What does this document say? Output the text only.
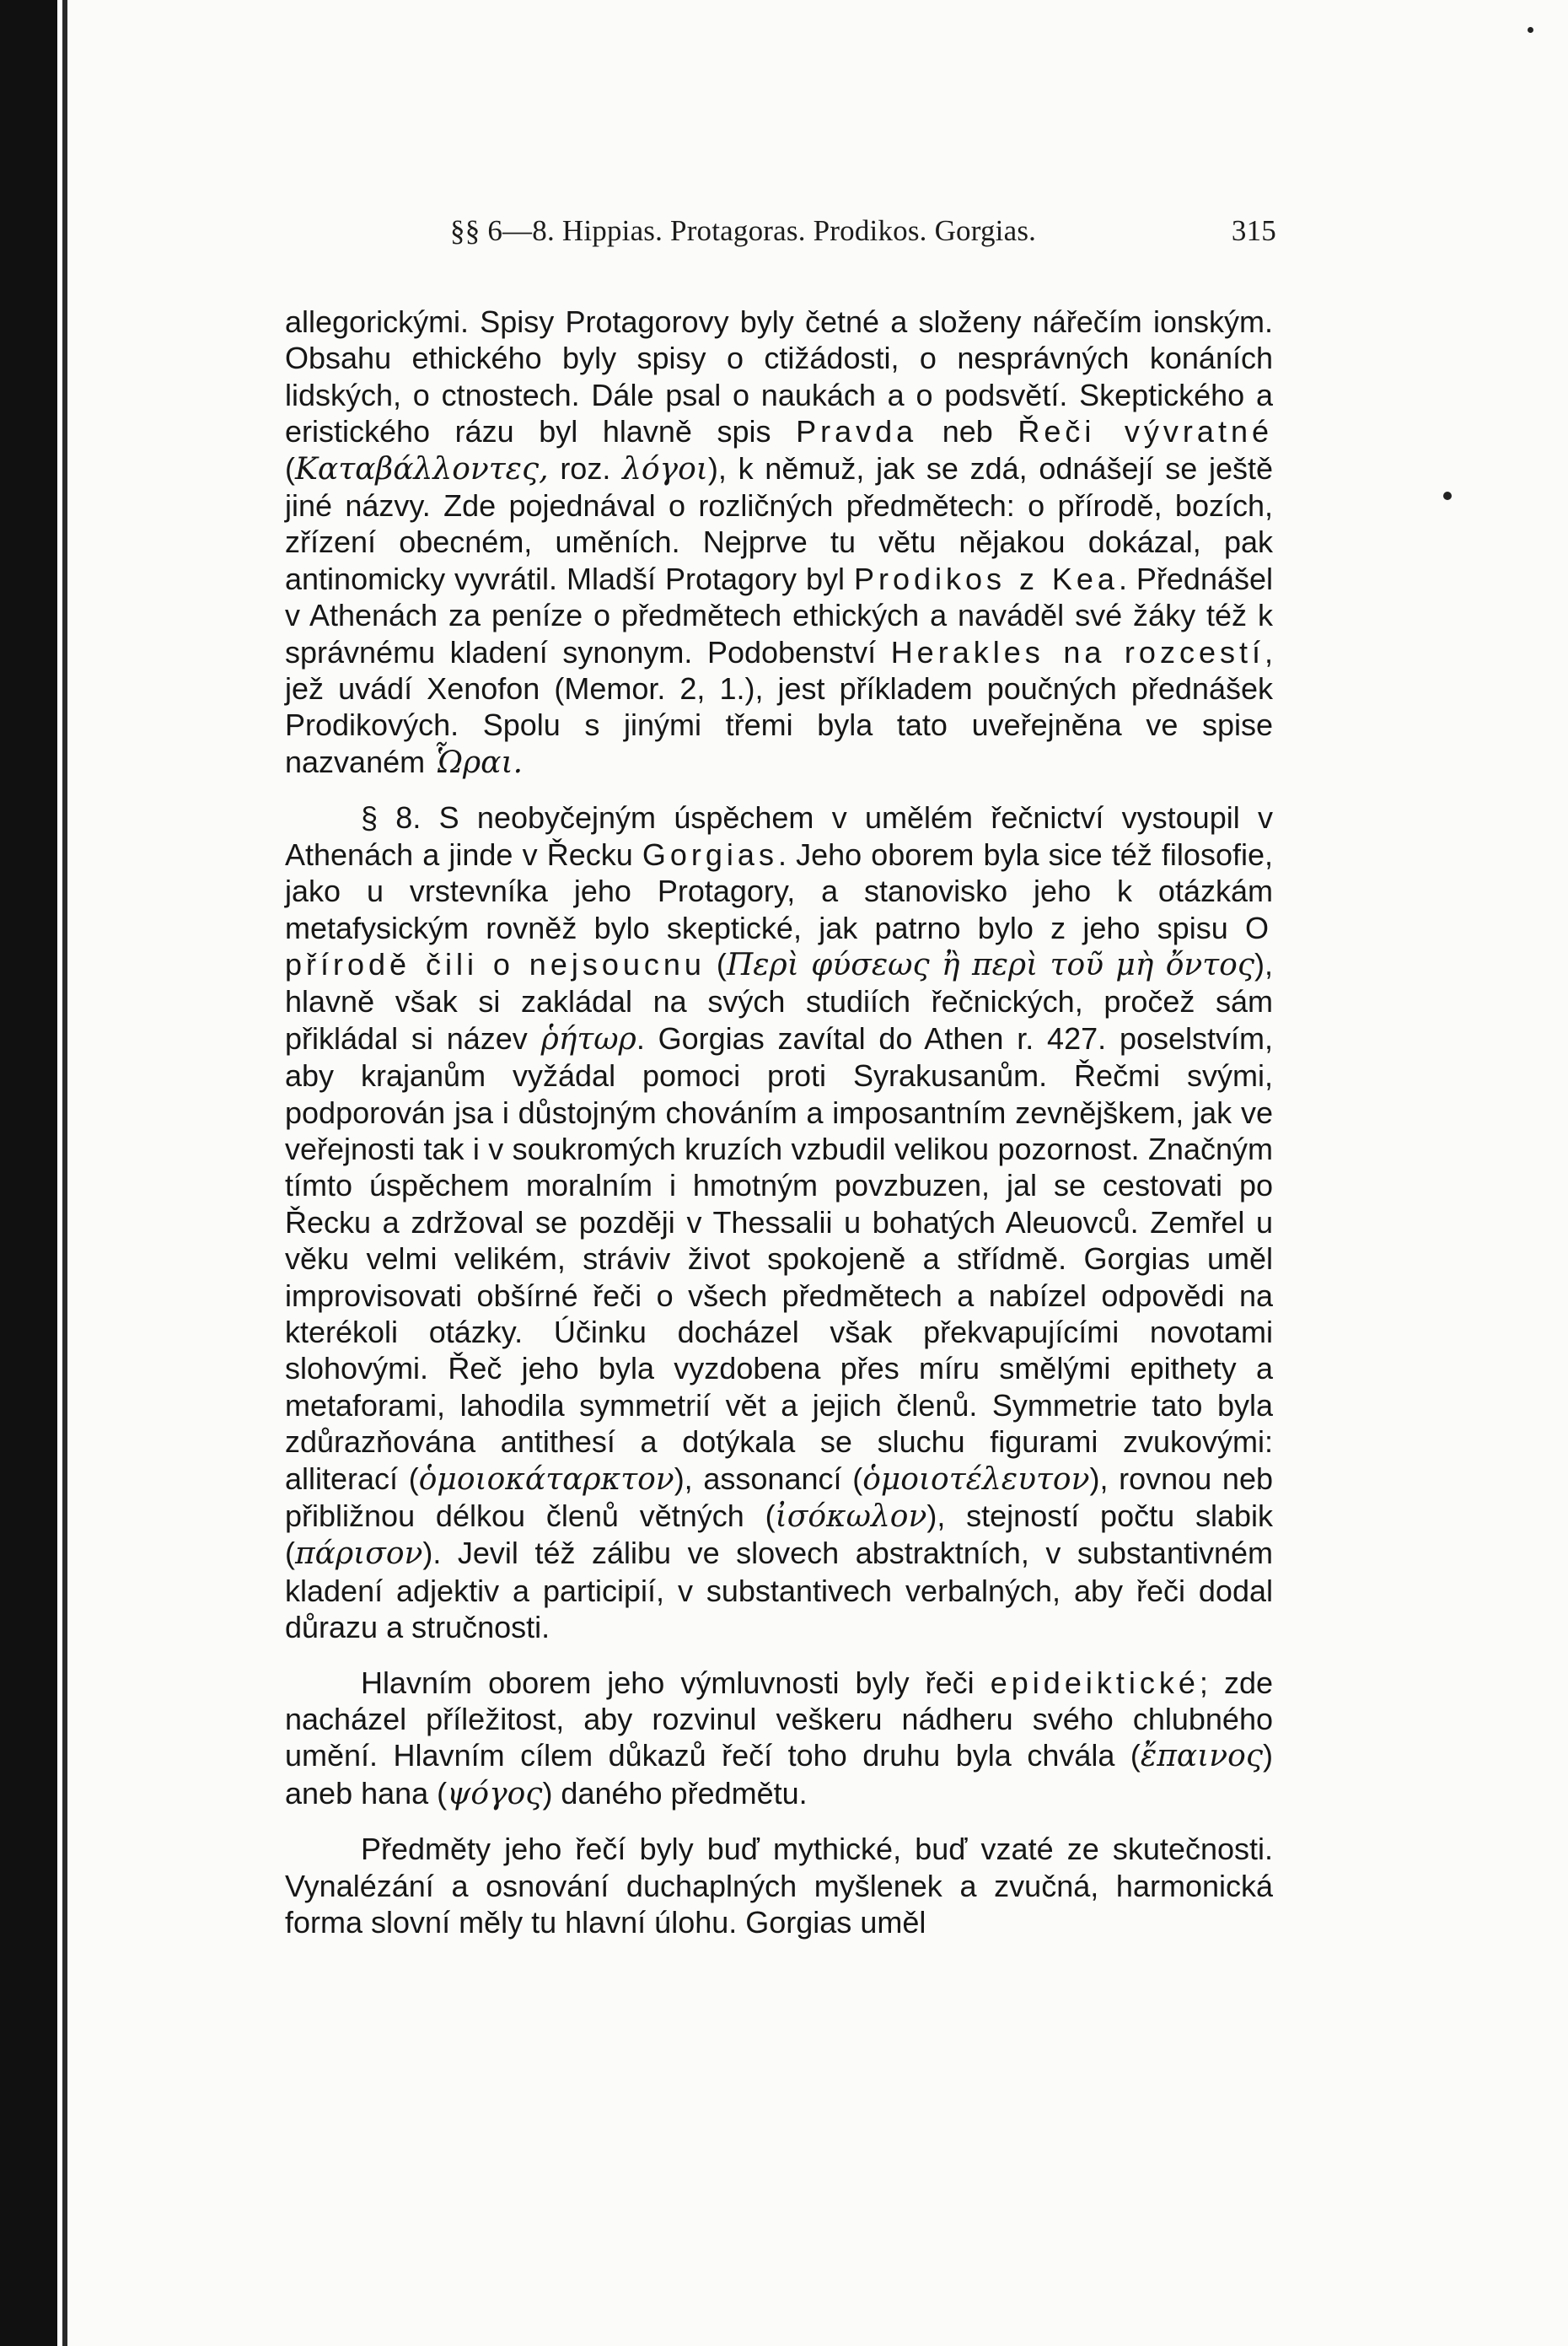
§§ 6—8. Hippias. Protagoras. Prodikos. Gorgias.	315

allegorickými. Spisy Protagorovy byly četné a složeny nářečím ionským. Obsahu ethického byly spisy o ctižádosti, o nesprávných konáních lidských, o ctnostech. Dále psal o naukách a o podsvětí. Skeptického a eristického rázu byl hlavně spis Pravda neb Řeči vývratné (Καταβάλλοντες, roz. λόγοι), k němuž, jak se zdá, odnášejí se ještě jiné názvy. Zde pojednával o rozličných předmětech: o přírodě, bozích, zřízení obecném, uměních. Nejprve tu větu nějakou dokázal, pak antinomicky vyvrátil. Mladší Protagory byl Prodikos z Kea. Přednášel v Athenách za peníze o předmětech ethických a naváděl své žáky též k správnému kladení synonym. Podobenství Herakles na rozcestí, jež uvádí Xenofon (Memor. 2, 1.), jest příkladem poučných přednášek Prodikových. Spolu s jinými třemi byla tato uveřejněna ve spise nazvaném Ὧραι.

§ 8. S neobyčejným úspěchem v umělém řečnictví vystoupil v Athenách a jinde v Řecku Gorgias. Jeho oborem byla sice též filosofie, jako u vrstevníka jeho Protagory, a stanovisko jeho k otázkám metafysickým rovněž bylo skeptické, jak patrno bylo z jeho spisu O přírodě čili o nejsoucnu (Περὶ φύσεως ἢ περὶ τοῦ μὴ ὄντος), hlavně však si zakládal na svých studiích řečnických, pročež sám přikládal si název ῥήτωρ. Gorgias zavítal do Athen r. 427. poselstvím, aby krajanům vyžádal pomoci proti Syrakusanům. Řečmi svými, podporován jsa i důstojným chováním a imposantním zevnějškem, jak ve veřejnosti tak i v soukromých kruzích vzbudil velikou pozornost. Značným tímto úspěchem moralním i hmotným povzbuzen, jal se cestovati po Řecku a zdržoval se později v Thessalii u bohatých Aleuovců. Zemřel u věku velmi velikém, stráviv život spokojeně a střídmě. Gorgias uměl improvisovati obšírné řeči o všech předmětech a nabízel odpovědi na kterékoli otázky. Účinku docházel však překvapujícími novotami slohovými. Řeč jeho byla vyzdobena přes míru smělými epithety a metaforami, lahodila symmetrií vět a jejich členů. Symmetrie tato byla zdůrazňována antithesí a dotýkala se sluchu figurami zvukovými: alliterací (ὁμοιοκάταρκτον), assonancí (ὁμοιοτέλευτον), rovnou neb přibližnou délkou členů větných (ἰσόκωλον), stejností počtu slabik (πάρισον). Jevil též zálibu ve slovech abstraktních, v substantivném kladení adjektiv a participií, v substantivech verbalných, aby řeči dodal důrazu a stručnosti.

Hlavním oborem jeho výmluvnosti byly řeči epideiktické; zde nacházel příležitost, aby rozvinul veškeru nádheru svého chlubného umění. Hlavním cílem důkazů řečí toho druhu byla chvála (ἔπαινος) aneb hana (ψόγος) daného předmětu.

Předměty jeho řečí byly buď mythické, buď vzaté ze skutečnosti. Vynalézání a osnování duchaplných myšlenek a zvučná, harmonická forma slovní měly tu hlavní úlohu. Gorgias uměl
